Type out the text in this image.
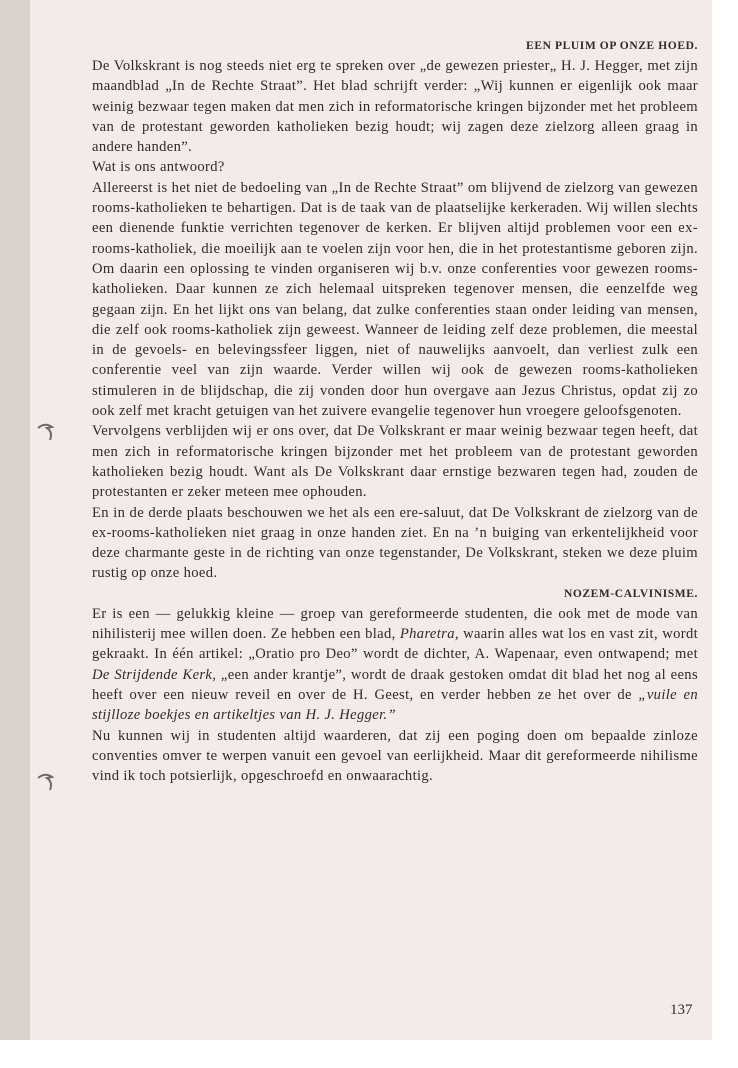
EEN PLUIM OP ONZE HOED.

De Volkskrant is nog steeds niet erg te spreken over „de gewezen priester„ H. J. Hegger, met zijn maandblad „In de Rechte Straat”. Het blad schrijft verder: „Wij kunnen er eigenlijk ook maar weinig bezwaar tegen maken dat men zich in reformatorische kringen bijzonder met het probleem van de protestant geworden katholieken bezig houdt; wij zagen deze zielzorg alleen graag in andere handen”.

Wat is ons antwoord?

Allereerst is het niet de bedoeling van „In de Rechte Straat” om blijvend de zielzorg van gewezen rooms-katholieken te behartigen. Dat is de taak van de plaatselijke kerkeraden. Wij willen slechts een dienende funktie verrichten tegenover de kerken. Er blijven altijd problemen voor een ex-rooms-katholiek, die moeilijk aan te voelen zijn voor hen, die in het protestantisme geboren zijn. Om daarin een oplossing te vinden organiseren wij b.v. onze conferenties voor gewezen rooms-katholieken. Daar kunnen ze zich helemaal uitspreken tegenover mensen, die eenzelfde weg gegaan zijn. En het lijkt ons van belang, dat zulke conferenties staan onder leiding van mensen, die zelf ook rooms-katholiek zijn geweest. Wanneer de leiding zelf deze problemen, die meestal in de gevoels- en belevingssfeer liggen, niet of nauwelijks aanvoelt, dan verliest zulk een conferentie veel van zijn waarde. Verder willen wij ook de gewezen rooms-katholieken stimuleren in de blijdschap, die zij vonden door hun overgave aan Jezus Christus, opdat zij zo ook zelf met kracht getuigen van het zuivere evangelie tegenover hun vroegere geloofsgenoten.

Vervolgens verblijden wij er ons over, dat De Volkskrant er maar weinig bezwaar tegen heeft, dat men zich in reformatorische kringen bijzonder met het probleem van de protestant geworden katholieken bezig houdt. Want als De Volkskrant daar ernstige bezwaren tegen had, zouden de protestanten er zeker meteen mee ophouden.

En in de derde plaats beschouwen we het als een ere-saluut, dat De Volkskrant de zielzorg van de ex-rooms-katholieken niet graag in onze handen ziet. En na ’n buiging van erkentelijkheid voor deze charmante geste in de richting van onze tegenstander, De Volkskrant, steken we deze pluim rustig op onze hoed.

NOZEM-CALVINISME.

Er is een — gelukkig kleine — groep van gereformeerde studenten, die ook met de mode van nihilisterij mee willen doen. Ze hebben een blad, Pharetra, waarin alles wat los en vast zit, wordt gekraakt. In één artikel: „Oratio pro Deo” wordt de dichter, A. Wapenaar, even ontwapend; met De Strijdende Kerk, „een ander krantje”, wordt de draak gestoken omdat dit blad het nog al eens heeft over een nieuw reveil en over de H. Geest, en verder hebben ze het over de „vuile en stijlloze boekjes en artikeltjes van H. J. Hegger.”

Nu kunnen wij in studenten altijd waarderen, dat zij een poging doen om bepaalde zinloze conventies omver te werpen vanuit een gevoel van eerlijkheid. Maar dit gereformeerde nihilisme vind ik toch potsierlijk, opgeschroefd en onwaarachtig.

137
